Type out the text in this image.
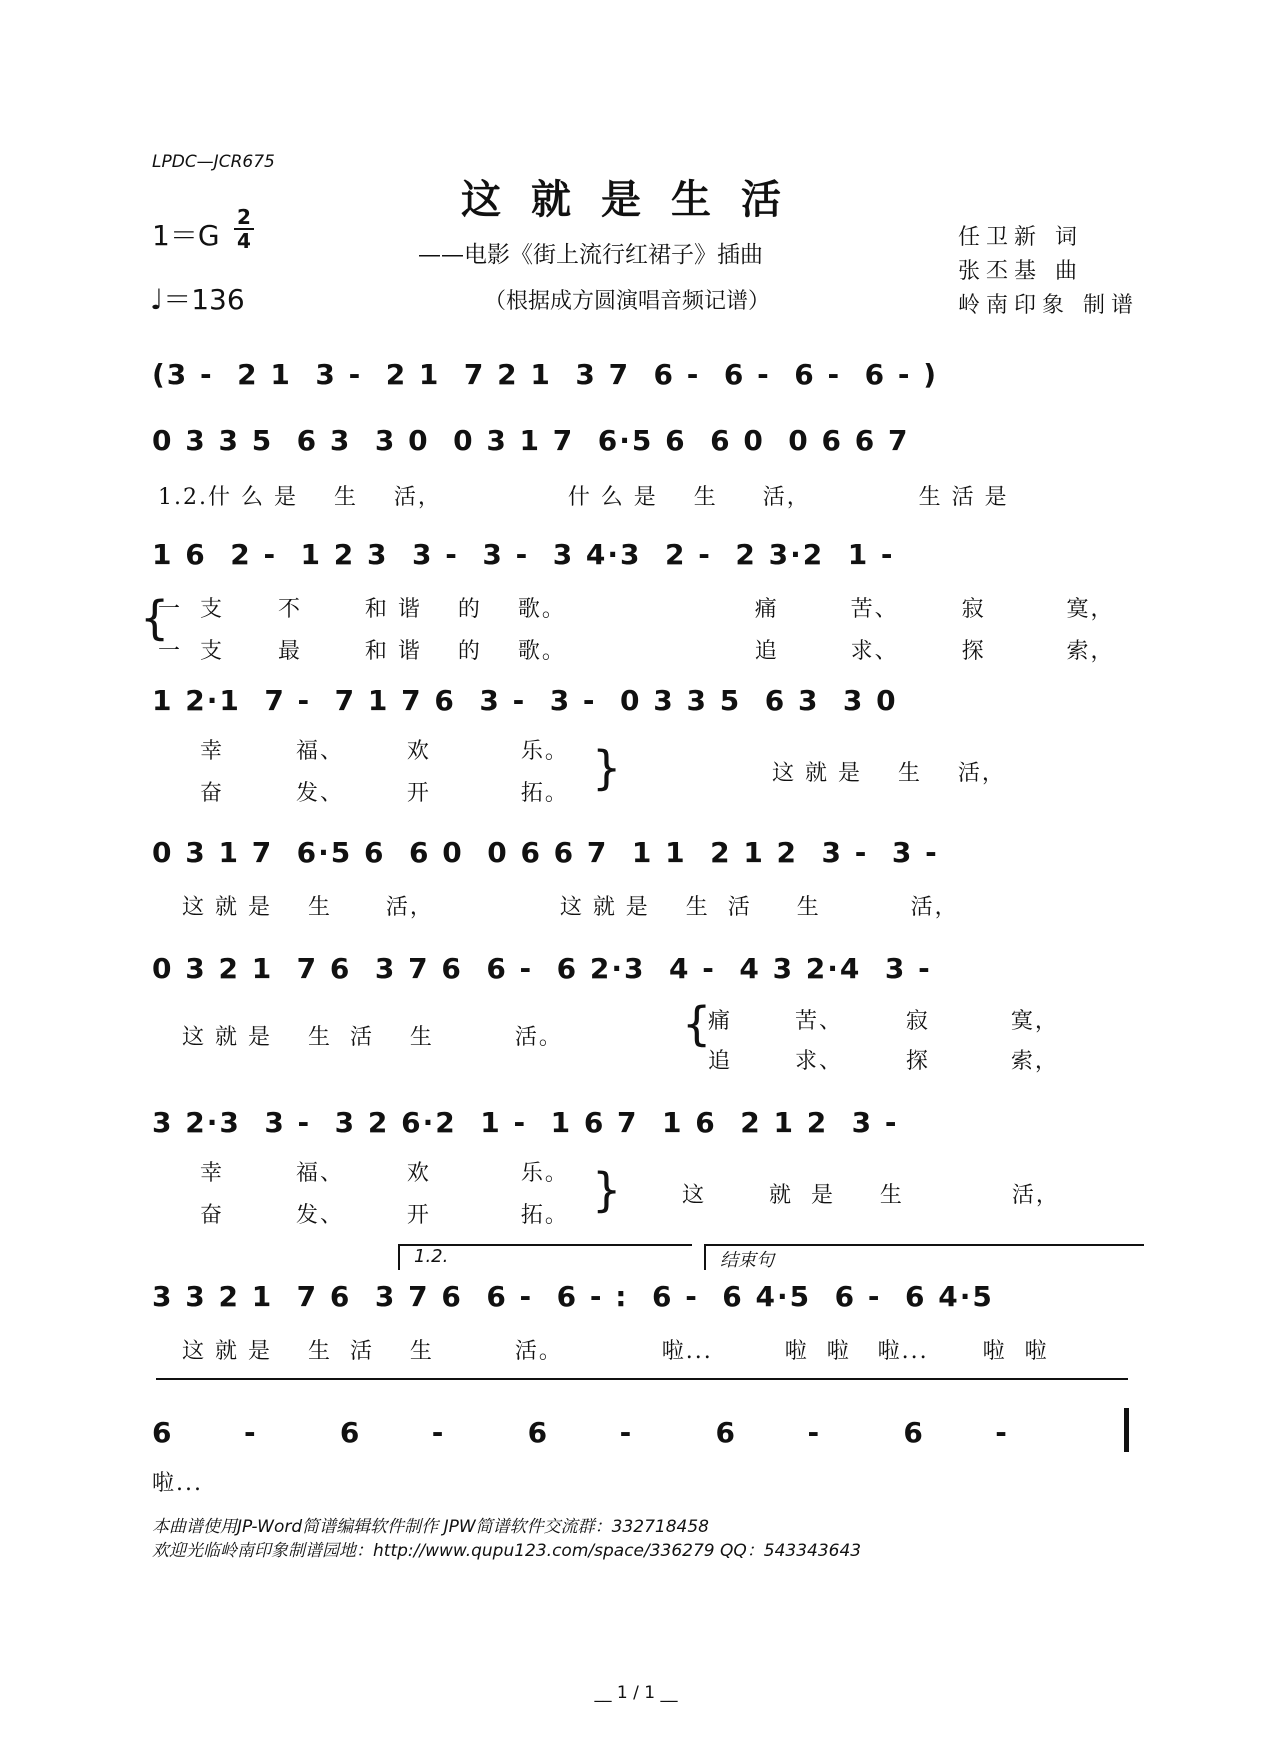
LPDC—JCR675
这就是生活
——电影《街上流行红裙子》插曲
（根据成方圆演唱音频记谱）
1＝G
2
4
♩＝136
任卫新 词
张丕基 曲
岭南印象 制谱
(3 -  2 1  3 -  2 1  7 2 1  3 7  6 -  6 -  6 -  6 - )
0 3 3 5  6 3  3 0  0 3 1 7  6·5 6  6 0  0 6 6 7
1.2.什 么 是    生    活，              什 么 是    生     活，            生 活 是
1 6  2 -  1 2 3  3 -  3 -  3 4·3  2 -  2 3·2  1 -
{
一  支      不       和 谐    的    歌。                     痛        苦、       寂         寞，
一  支      最       和 谐    的    歌。                     追        求、       探         索，
1 2·1  7 -  7 1 7 6  3 -  3 -  0 3 3 5  6 3  3 0
幸        福、       欢          乐。
奋        发、       开          拓。 }	这 就 是    生    活，
0 3 1 7  6·5 6  6 0  0 6 6 7  1 1  2 1 2  3 -  3 -
这 就 是    生      活，              这 就 是    生  活     生          活，
0 3 2 1  7 6  3 7 6  6 -  6 2·3  4 -  4 3 2·4  3 -
这 就 是    生  活    生         活。	{
痛       苦、       寂         寞，
追       求、       探         索，
3 2·3  3 -  3 2 6·2  1 -  1 6 7  1 6  2 1 2  3 -
幸        福、       欢          乐。
奋        发、       开          拓。 }	这       就  是     生            活，
1.2.	结束句
3 3 2 1  7 6  3 7 6  6 -  6 - :  6 -  6 4·5  6 -  6 4·5
这 就 是    生  活    生         活。           啦...        啦  啦   啦...      啦  啦
6      -       6      -       6      -       6      -       6      -
啦...
本曲谱使用JP-Word简谱编辑软件制作 JPW简谱软件交流群：332718458
欢迎光临岭南印象制谱园地：http://www.qupu123.com/space/336279 QQ：543343643
__ 1 / 1 __
